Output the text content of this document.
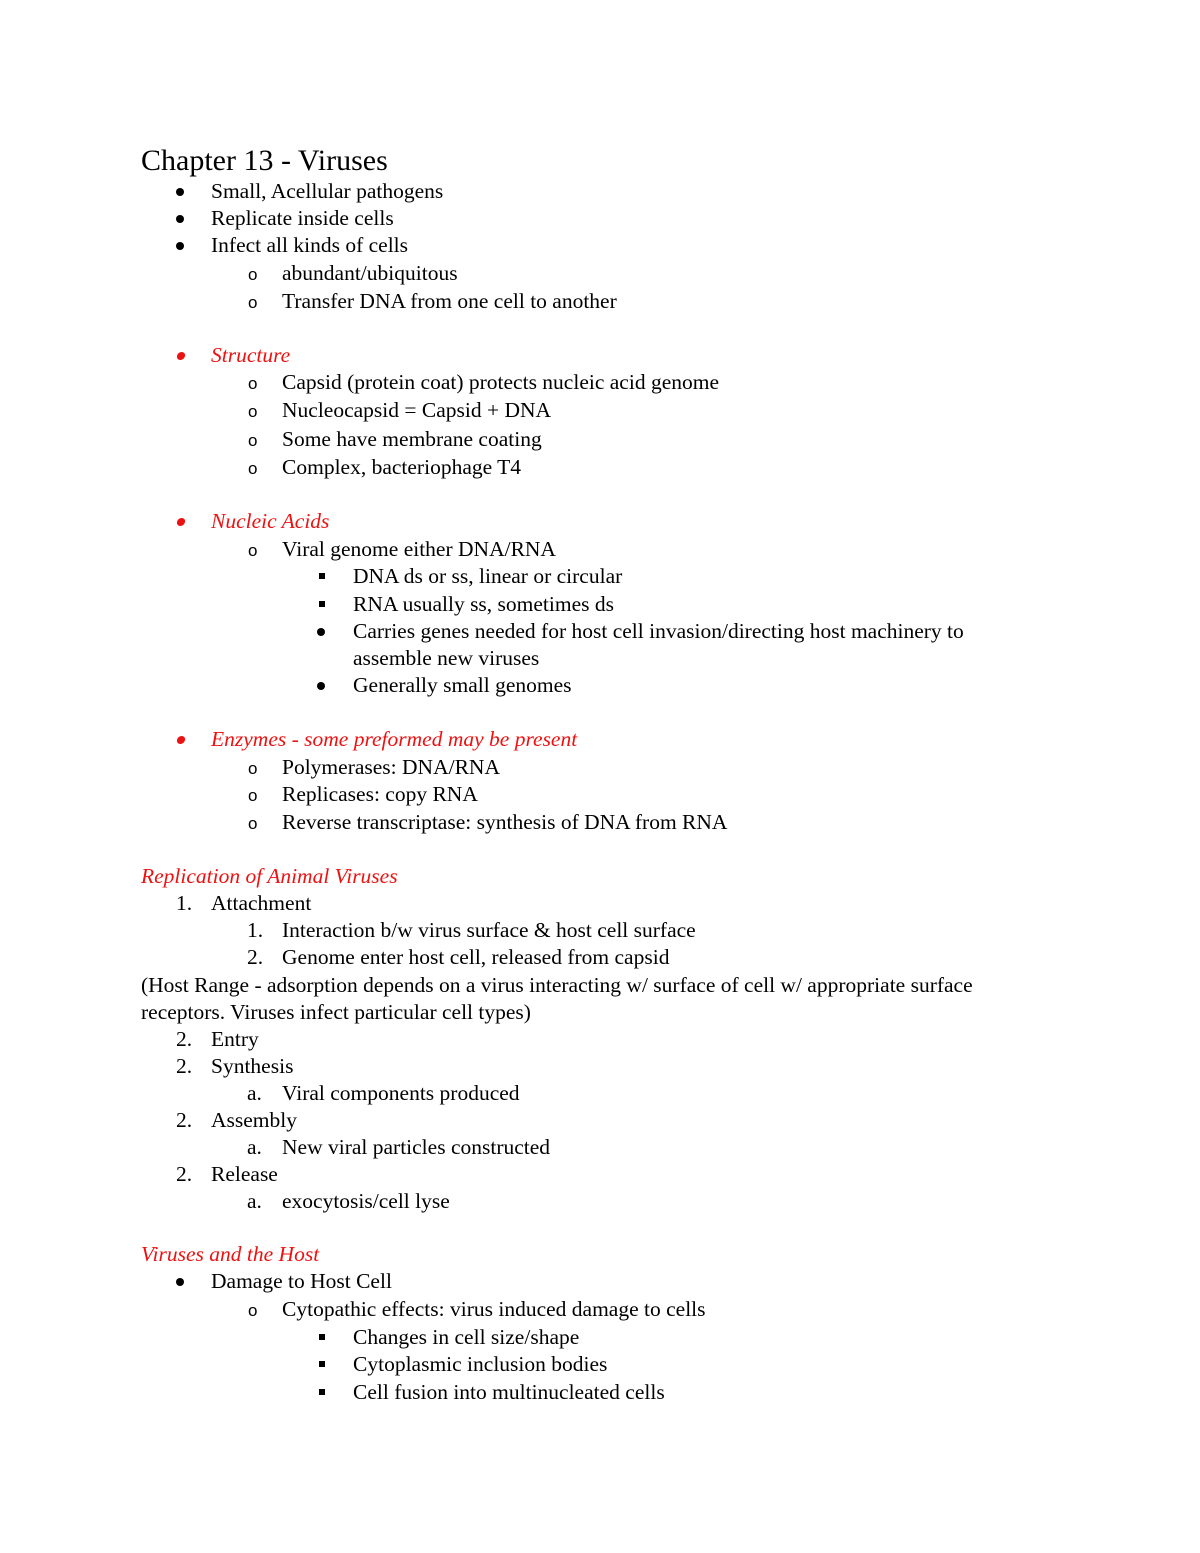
Chapter 13 - Viruses
Small, Acellular pathogens
Replicate inside cells
Infect all kinds of cells
o abundant/ubiquitous
o Transfer DNA from one cell to another
Structure
o Capsid (protein coat) protects nucleic acid genome
o Nucleocapsid = Capsid + DNA
o Some have membrane coating
o Complex, bacteriophage T4
Nucleic Acids
o Viral genome either DNA/RNA
DNA ds or ss, linear or circular
RNA usually ss, sometimes ds
Carries genes needed for host cell invasion/directing host machinery to
assemble new viruses
Generally small genomes
Enzymes - some preformed may be present
o Polymerases: DNA/RNA
o Replicases: copy RNA
o Reverse transcriptase: synthesis of DNA from RNA
Replication of Animal Viruses
1. Attachment
1. Interaction b/w virus surface & host cell surface
2. Genome enter host cell, released from capsid
(Host Range - adsorption depends on a virus interacting w/ surface of cell w/ appropriate surface
receptors. Viruses infect particular cell types)
2. Entry
2. Synthesis
a. Viral components produced
2. Assembly
a. New viral particles constructed
2. Release
a. exocytosis/cell lyse
Viruses and the Host
Damage to Host Cell
o Cytopathic effects: virus induced damage to cells
Changes in cell size/shape
Cytoplasmic inclusion bodies
Cell fusion into multinucleated cells
